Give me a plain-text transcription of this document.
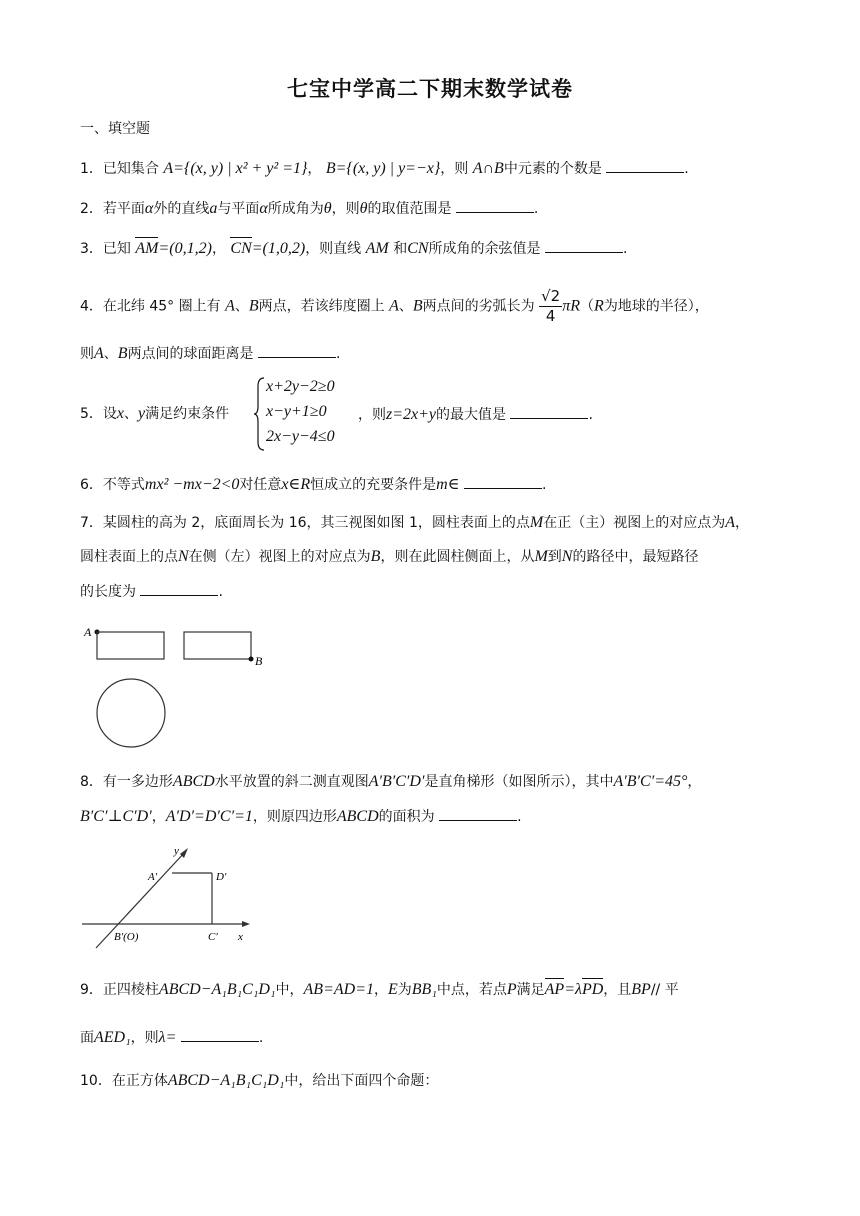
七宝中学高二下期末数学试卷
一、填空题
1．已知集合 A={(x, y) | x² + y² =1}， B={(x, y) | y=−x}，则 A∩B中元素的个数是	.
2．若平面α外的直线a与平面α所成角为θ，则θ的取值范围是	.
3．已知 AM=(0,1,2)， CN=(1,0,2)，则直线 AM 和CN所成角的余弦值是	.
4．在北纬 45° 圈上有 A、B两点，若该纬度圈上 A、B两点间的劣弧长为 $\frac{√2}{4} \pi R(R$为地球的半径），
则A、B两点间的球面距离是	.
5．设x、y满足约束条件
x+2y−2≥0
x−y+1≥0
2x−y−4≤0
，则z=2x+y的最大值是	.
6．不等式mx² −mx−2<0对任意x∈R恒成立的充要条件是m∈	.
7．某圆柱的高为 2，底面周长为 16，其三视图如图 1，圆柱表面上的点M在正（主）视图上的对应点为A，
圆柱表面上的点N在侧（左）视图上的对应点为B，则在此圆柱侧面上，从M到N的路径中，最短路径
的长度为	.
A
B
8．有一多边形ABCD水平放置的斜二测直观图A′B′C′D′是直角梯形（如图所示），其中A′B′C′=45°，
B′C′⊥C′D′，A′D′=D′C′=1，则原四边形ABCD的面积为	.
y
x
A′	D′
B′(O)	C′
9．正四棱柱ABCD−A₁B₁C₁D₁中，AB=AD=1，E为BB₁中点，若点P满足AP=λPD，且BP// 平
面AED₁，则λ=	.
10．在正方体ABCD−A₁B₁C₁D₁中，给出下面四个命题：
